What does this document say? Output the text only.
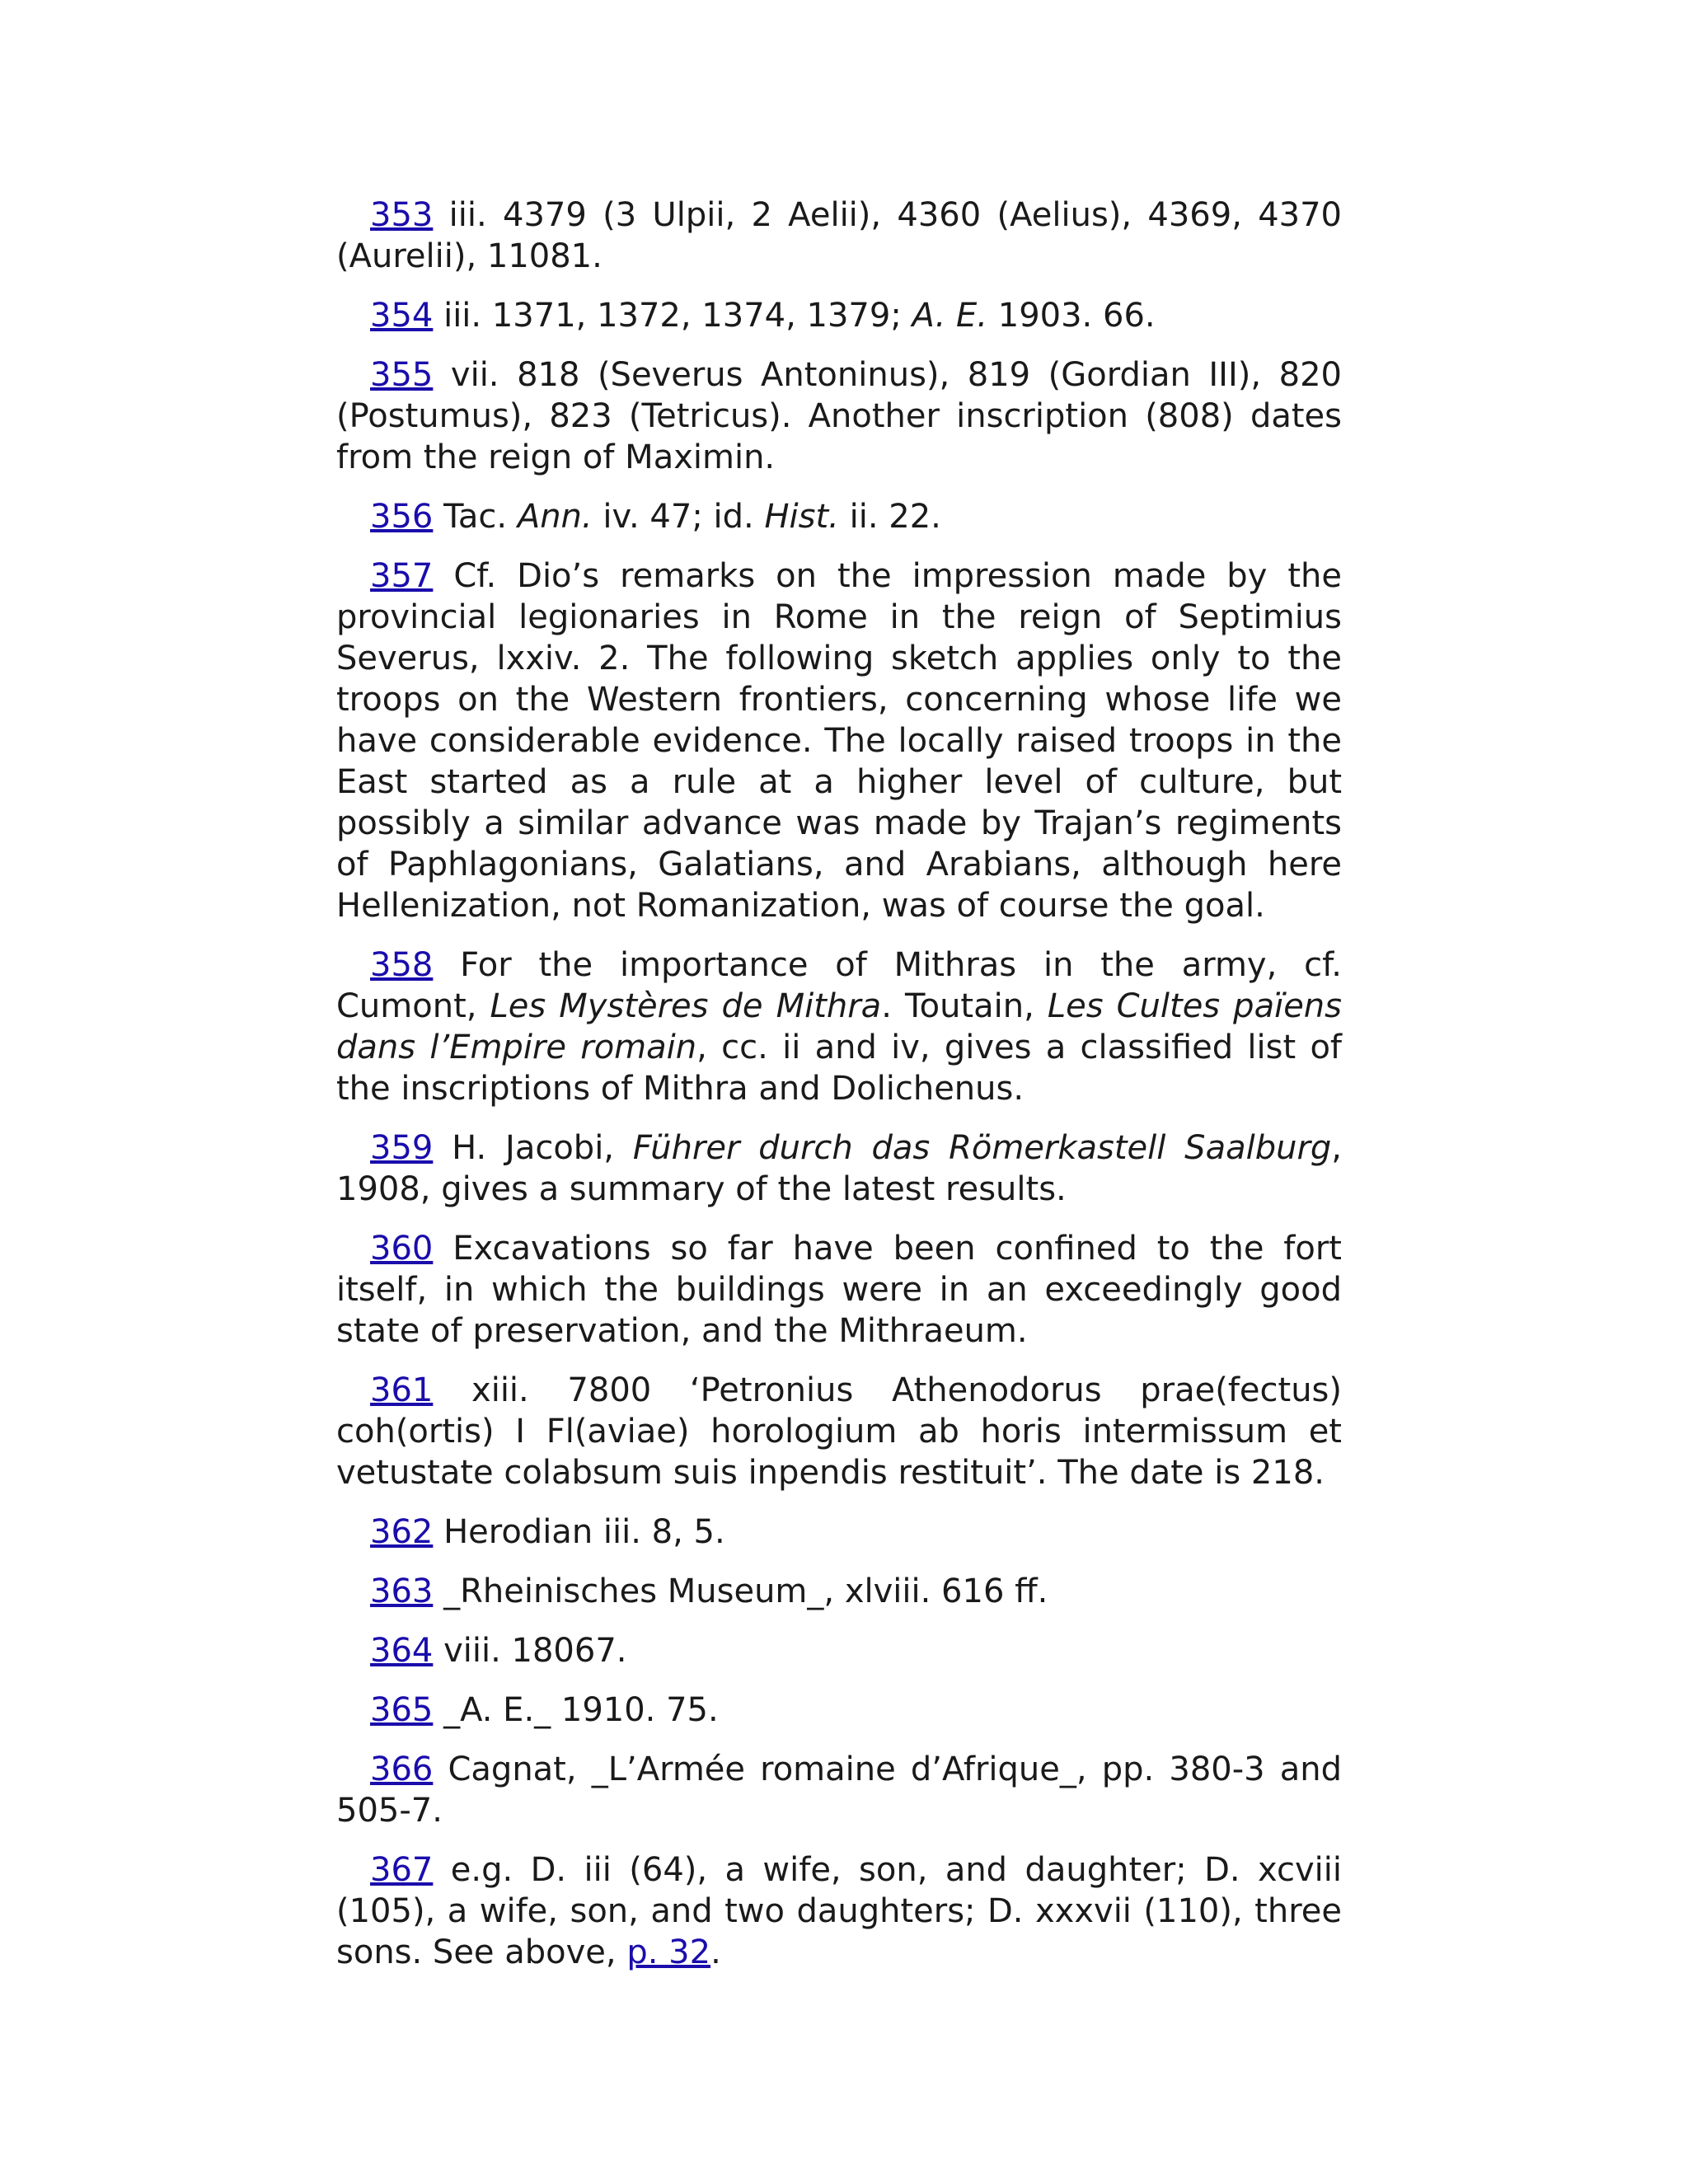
353 iii. 4379 (3 Ulpii, 2 Aelii), 4360 (Aelius), 4369, 4370 (Aurelii), 11081.

354 iii. 1371, 1372, 1374, 1379; A. E. 1903. 66.

355 vii. 818 (Severus Antoninus), 819 (Gordian III), 820 (Postumus), 823 (Tetricus). Another inscription (808) dates from the reign of Maximin.

356 Tac. Ann. iv. 47; id. Hist. ii. 22.

357 Cf. Dio’s remarks on the impression made by the provincial legionaries in Rome in the reign of Septimius Severus, lxxiv. 2. The following sketch applies only to the troops on the Western frontiers, concerning whose life we have considerable evidence. The locally raised troops in the East started as a rule at a higher level of culture, but possibly a similar advance was made by Trajan’s regiments of Paphlagonians, Galatians, and Arabians, although here Hellenization, not Romanization, was of course the goal.

358 For the importance of Mithras in the army, cf. Cumont, Les Mystères de Mithra. Toutain, Les Cultes païens dans l’Empire romain, cc. ii and iv, gives a classified list of the inscriptions of Mithra and Dolichenus.

359 H. Jacobi, Führer durch das Römerkastell Saalburg, 1908, gives a summary of the latest results.

360 Excavations so far have been confined to the fort itself, in which the buildings were in an exceedingly good state of preservation, and the Mithraeum.

361 xiii. 7800 ‘Petronius Athenodorus prae(fectus) coh(ortis) I Fl(aviae) horologium ab horis intermissum et vetustate colabsum suis inpendis restituit’. The date is 218.

362 Herodian iii. 8, 5.

363 _Rheinisches Museum_, xlviii. 616 ff.

364 viii. 18067.

365 _A. E._ 1910. 75.

366 Cagnat, _L’Armée romaine d’Afrique_, pp. 380-3 and 505-7.

367 e.g. D. iii (64), a wife, son, and daughter; D. xcviii (105), a wife, son, and two daughters; D. xxxvii (110), three sons. See above, p. 32.
